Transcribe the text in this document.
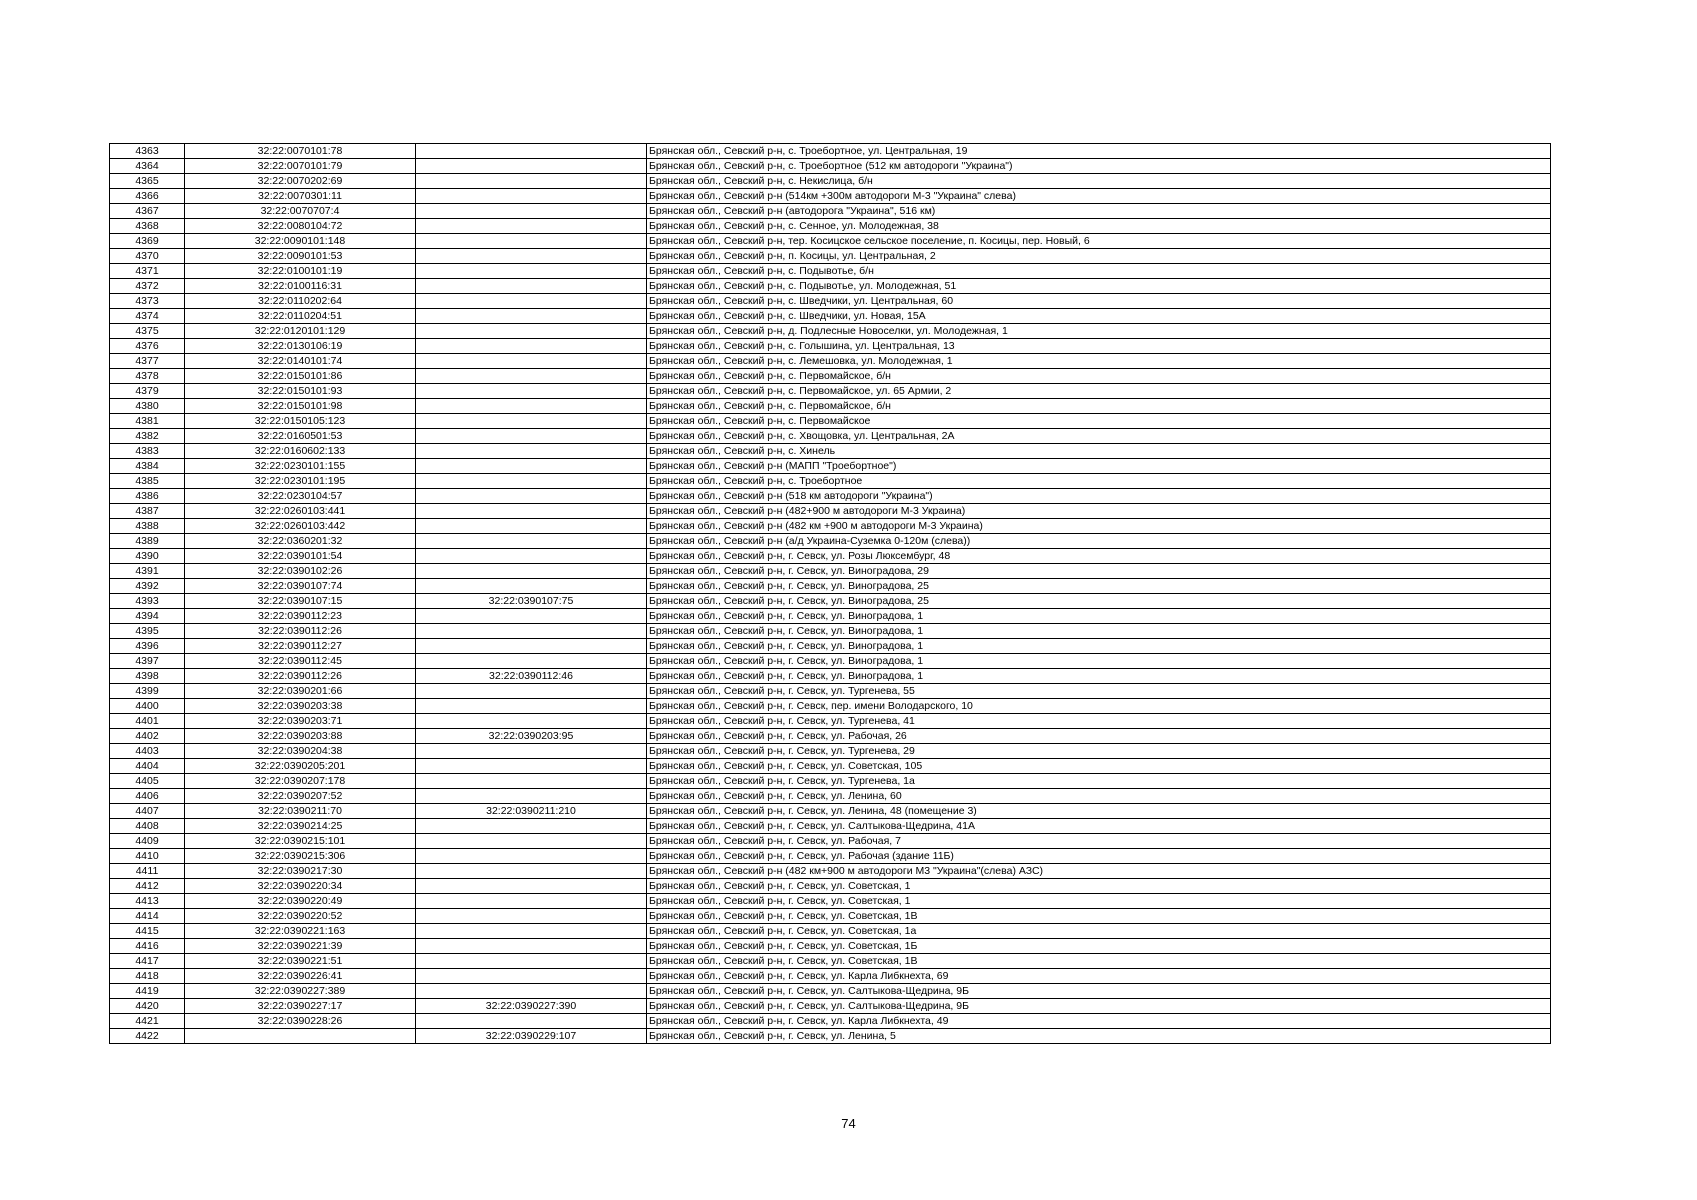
4363	32:22:0070101:78		Брянская обл., Севский р-н, с. Троебортное, ул. Центральная, 19
4364	32:22:0070101:79		Брянская обл., Севский р-н, с. Троебортное (512 км автодороги "Украина")
4365	32:22:0070202:69		Брянская обл., Севский р-н, с. Некислица, б/н
4366	32:22:0070301:11		Брянская обл., Севский р-н (514км +300м автодороги М-3 "Украина" слева)
4367	32:22:0070707:4		Брянская обл., Севский р-н (автодорога "Украина", 516 км)
4368	32:22:0080104:72		Брянская обл., Севский р-н, с. Сенное, ул. Молодежная, 38
4369	32:22:0090101:148		Брянская обл., Севский р-н, тер. Косицское сельское поселение, п. Косицы, пер. Новый, 6
4370	32:22:0090101:53		Брянская обл., Севский р-н, п. Косицы, ул. Центральная, 2
4371	32:22:0100101:19		Брянская обл., Севский р-н, с. Подывотье, б/н
4372	32:22:0100116:31		Брянская обл., Севский р-н, с. Подывотье, ул. Молодежная, 51
4373	32:22:0110202:64		Брянская обл., Севский р-н, с. Шведчики, ул. Центральная, 60
4374	32:22:0110204:51		Брянская обл., Севский р-н, с. Шведчики, ул. Новая, 15А
4375	32:22:0120101:129		Брянская обл., Севский р-н, д. Подлесные Новоселки, ул. Молодежная, 1
4376	32:22:0130106:19		Брянская обл., Севский р-н, с. Голышина, ул. Центральная, 13
4377	32:22:0140101:74		Брянская обл., Севский р-н, с. Лемешовка, ул. Молодежная, 1
4378	32:22:0150101:86		Брянская обл., Севский р-н, с. Первомайское, б/н
4379	32:22:0150101:93		Брянская обл., Севский р-н, с. Первомайское, ул. 65 Армии, 2
4380	32:22:0150101:98		Брянская обл., Севский р-н, с. Первомайское, б/н
4381	32:22:0150105:123		Брянская обл., Севский р-н, с. Первомайское
4382	32:22:0160501:53		Брянская обл., Севский р-н, с. Хвощовка, ул. Центральная, 2А
4383	32:22:0160602:133		Брянская обл., Севский р-н, с. Хинель
4384	32:22:0230101:155		Брянская обл., Севский р-н (МАПП "Троебортное")
4385	32:22:0230101:195		Брянская обл., Севский р-н, с. Троебортное
4386	32:22:0230104:57		Брянская обл., Севский р-н (518 км автодороги "Украина")
4387	32:22:0260103:441		Брянская обл., Севский р-н (482+900 м автодороги М-3 Украина)
4388	32:22:0260103:442		Брянская обл., Севский р-н (482 км +900 м автодороги М-3 Украина)
4389	32:22:0360201:32		Брянская обл., Севский р-н (а/д Украина-Суземка 0-120м (слева))
4390	32:22:0390101:54		Брянская обл., Севский р-н, г. Севск, ул. Розы Люксембург, 48
4391	32:22:0390102:26		Брянская обл., Севский р-н, г. Севск, ул. Виноградова, 29
4392	32:22:0390107:74		Брянская обл., Севский р-н, г. Севск, ул. Виноградова, 25
4393	32:22:0390107:15	32:22:0390107:75	Брянская обл., Севский р-н, г. Севск, ул. Виноградова, 25
4394	32:22:0390112:23		Брянская обл., Севский р-н, г. Севск, ул. Виноградова, 1
4395	32:22:0390112:26		Брянская обл., Севский р-н, г. Севск, ул. Виноградова, 1
4396	32:22:0390112:27		Брянская обл., Севский р-н, г. Севск, ул. Виноградова, 1
4397	32:22:0390112:45		Брянская обл., Севский р-н, г. Севск, ул. Виноградова, 1
4398	32:22:0390112:26	32:22:0390112:46	Брянская обл., Севский р-н, г. Севск, ул. Виноградова, 1
4399	32:22:0390201:66		Брянская обл., Севский р-н, г. Севск, ул. Тургенева, 55
4400	32:22:0390203:38		Брянская обл., Севский р-н, г. Севск, пер. имени Володарского, 10
4401	32:22:0390203:71		Брянская обл., Севский р-н, г. Севск, ул. Тургенева, 41
4402	32:22:0390203:88	32:22:0390203:95	Брянская обл., Севский р-н, г. Севск, ул. Рабочая, 26
4403	32:22:0390204:38		Брянская обл., Севский р-н, г. Севск, ул. Тургенева, 29
4404	32:22:0390205:201		Брянская обл., Севский р-н, г. Севск, ул. Советская, 105
4405	32:22:0390207:178		Брянская обл., Севский р-н, г. Севск, ул. Тургенева, 1а
4406	32:22:0390207:52		Брянская обл., Севский р-н, г. Севск, ул. Ленина, 60
4407	32:22:0390211:70	32:22:0390211:210	Брянская обл., Севский р-н, г. Севск, ул. Ленина, 48 (помещение 3)
4408	32:22:0390214:25		Брянская обл., Севский р-н, г. Севск, ул. Салтыкова-Щедрина, 41А
4409	32:22:0390215:101		Брянская обл., Севский р-н, г. Севск, ул. Рабочая, 7
4410	32:22:0390215:306		Брянская обл., Севский р-н, г. Севск, ул. Рабочая (здание 11Б)
4411	32:22:0390217:30		Брянская обл., Севский р-н (482 км+900 м автодороги М3 "Украина"(слева) АЗС)
4412	32:22:0390220:34		Брянская обл., Севский р-н, г. Севск, ул. Советская, 1
4413	32:22:0390220:49		Брянская обл., Севский р-н, г. Севск, ул. Советская, 1
4414	32:22:0390220:52		Брянская обл., Севский р-н, г. Севск, ул. Советская, 1В
4415	32:22:0390221:163		Брянская обл., Севский р-н, г. Севск, ул. Советская, 1а
4416	32:22:0390221:39		Брянская обл., Севский р-н, г. Севск, ул. Советская, 1Б
4417	32:22:0390221:51		Брянская обл., Севский р-н, г. Севск, ул. Советская, 1В
4418	32:22:0390226:41		Брянская обл., Севский р-н, г. Севск, ул. Карла Либкнехта, 69
4419	32:22:0390227:389		Брянская обл., Севский р-н, г. Севск, ул. Салтыкова-Щедрина, 9Б
4420	32:22:0390227:17	32:22:0390227:390	Брянская обл., Севский р-н, г. Севск, ул. Салтыкова-Щедрина, 9Б
4421	32:22:0390228:26		Брянская обл., Севский р-н, г. Севск, ул. Карла Либкнехта, 49
4422		32:22:0390229:107	Брянская обл., Севский р-н, г. Севск, ул. Ленина, 5
74
